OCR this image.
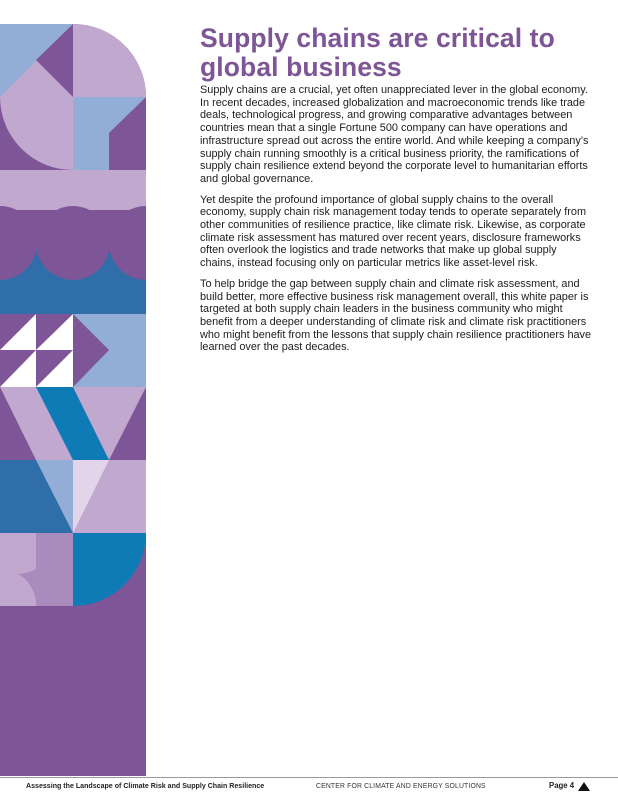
Supply chains are critical to global business

Supply chains are a crucial, yet often unappreciated lever in the global economy. In recent decades, increased globalization and macroeconomic trends like trade deals, technological progress, and growing comparative advantages between countries mean that a single Fortune 500 company can have operations and infrastructure spread out across the entire world. And while keeping a company’s supply chain running smoothly is a critical business priority, the ramifications of supply chain resilience extend beyond the corporate level to humanitarian efforts and global governance.

Yet despite the profound importance of global supply chains to the overall economy, supply chain risk management today tends to operate separately from other communities of resilience practice, like climate risk. Likewise, as corporate climate risk assessment has matured over recent years, disclosure frameworks often overlook the logistics and trade networks that make up global supply chains, instead focusing only on particular metrics like asset-level risk.

To help bridge the gap between supply chain and climate risk assessment, and build better, more effective business risk management overall, this white paper is targeted at both supply chain leaders in the business community who might benefit from a deeper understanding of climate risk and climate risk practitioners who might benefit from the lessons that supply chain resilience practitioners have learned over the past decades.

Assessing the Landscape of Climate Risk and Supply Chain Resilience	CENTER FOR CLIMATE AND ENERGY SOLUTIONS	Page 4
